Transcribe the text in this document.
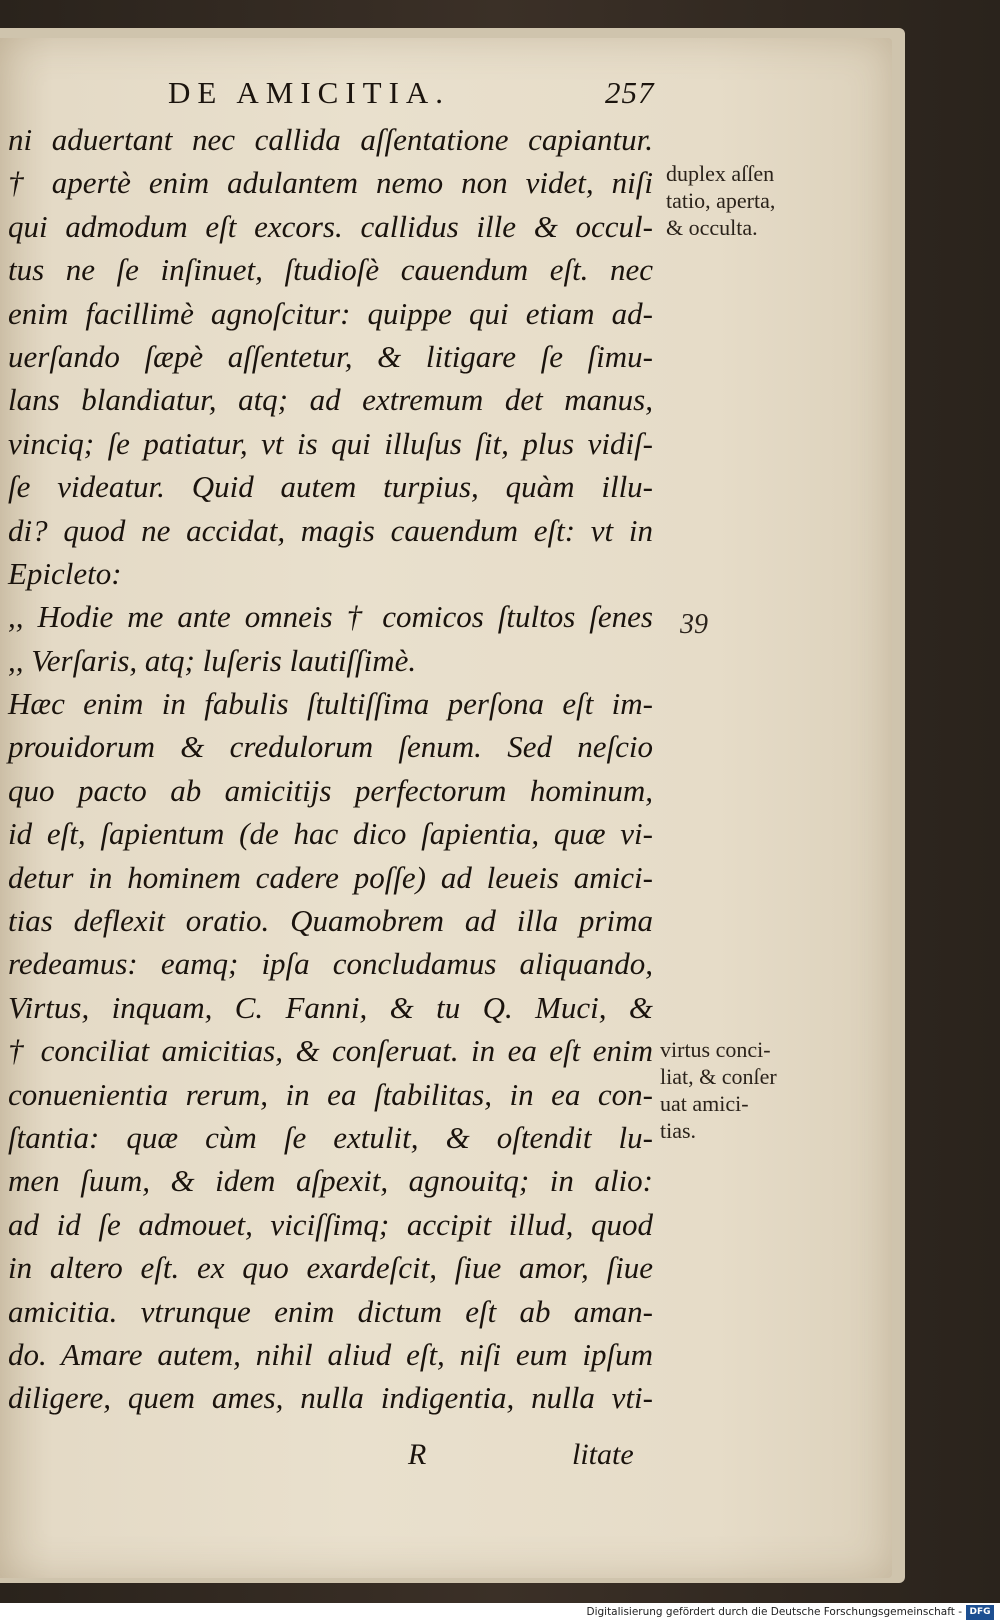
DE AMICITIA.	257
ni aduertant nec callida aſſentatione capiantur.
† apertè enim adulantem nemo non videt, niſi
qui admodum eſt excors. callidus ille & occul-
tus ne ſe inſinuet, ſtudioſè cauendum eſt. nec
enim facillimè agnoſcitur: quippe qui etiam ad-
uerſando ſæpè aſſentetur, & litigare ſe ſimu-
lans blandiatur, atq; ad extremum det manus,
vinciq; ſe patiatur, vt is qui illuſus ſit, plus vidiſ-
ſe videatur. Quid autem turpius, quàm illu-
di? quod ne accidat, magis cauendum eſt: vt in
Epicleto:
,, Hodie me ante omneis † comicos ſtultos ſenes
,, Verſaris, atq; luſeris lautiſſimè.
Hæc enim in fabulis ſtultiſſima perſona eſt im-
prouidorum & credulorum ſenum. Sed neſcio
quo pacto ab amicitijs perfectorum hominum,
id eſt, ſapientum (de hac dico ſapientia, quæ vi-
detur in hominem cadere poſſe) ad leueis amici-
tias deflexit oratio. Quamobrem ad illa prima
redeamus: eamq; ipſa concludamus aliquando,
Virtus, inquam, C. Fanni, & tu Q. Muci, &
† conciliat amicitias, & conſeruat. in ea eſt enim
conuenientia rerum, in ea ſtabilitas, in ea con-
ſtantia: quæ cùm ſe extulit, & oſtendit lu-
men ſuum, & idem aſpexit, agnouitq; in alio:
ad id ſe admouet, viciſſimq; accipit illud, quod
in altero eſt. ex quo exardeſcit, ſiue amor, ſiue
amicitia. vtrunque enim dictum eſt ab aman-
do. Amare autem, nihil aliud eſt, niſi eum ipſum
diligere, quem ames, nulla indigentia, nulla vti-
duplex aſſen
tatio, aperta,
& occulta.
39
virtus conci-
liat, & conſer
uat amici-
tias.
R	litate
Digitalisierung gefördert durch die Deutsche Forschungsgemeinschaft - DFG
